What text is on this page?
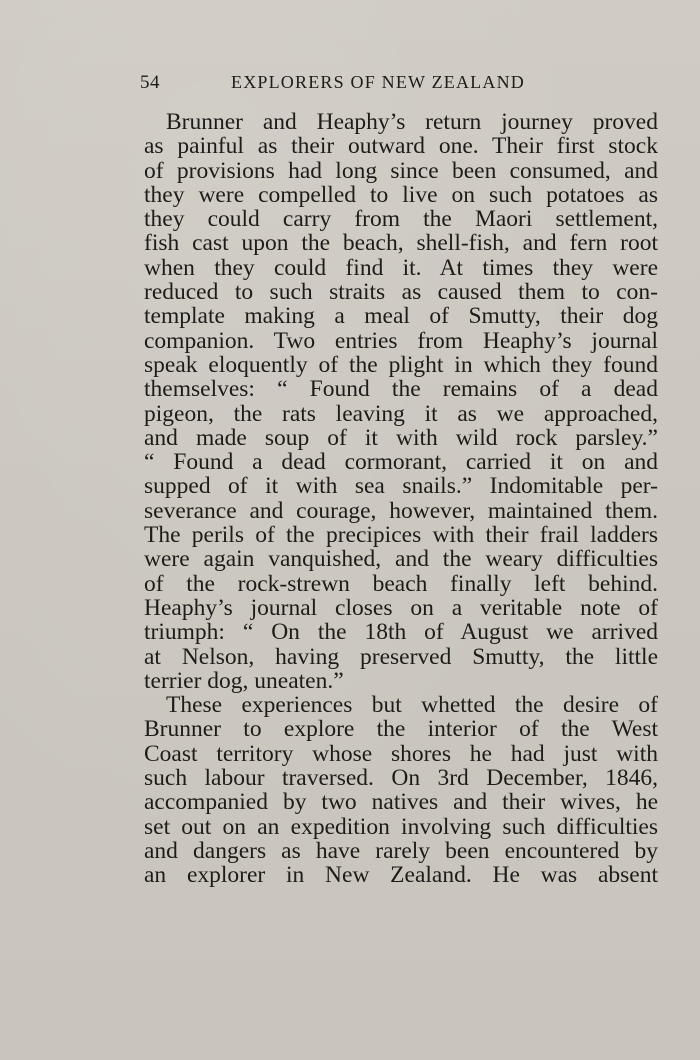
54	EXPLORERS OF NEW ZEALAND
Brunner and Heaphy’s return journey proved
as painful as their outward one. Their first stock
of provisions had long since been consumed, and
they were compelled to live on such potatoes as
they could carry from the Maori settlement,
fish cast upon the beach, shell-fish, and fern root
when they could find it. At times they were
reduced to such straits as caused them to con-
template making a meal of Smutty, their dog
companion. Two entries from Heaphy’s journal
speak eloquently of the plight in which they found
themselves: “ Found the remains of a dead
pigeon, the rats leaving it as we approached,
and made soup of it with wild rock parsley.”
“ Found a dead cormorant, carried it on and
supped of it with sea snails.” Indomitable per-
severance and courage, however, maintained them.
The perils of the precipices with their frail ladders
were again vanquished, and the weary difficulties
of the rock-strewn beach finally left behind.
Heaphy’s journal closes on a veritable note of
triumph: “ On the 18th of August we arrived
at Nelson, having preserved Smutty, the little
terrier dog, uneaten.”
These experiences but whetted the desire of
Brunner to explore the interior of the West
Coast territory whose shores he had just with
such labour traversed. On 3rd December, 1846,
accompanied by two natives and their wives, he
set out on an expedition involving such difficulties
and dangers as have rarely been encountered by
an explorer in New Zealand. He was absent
